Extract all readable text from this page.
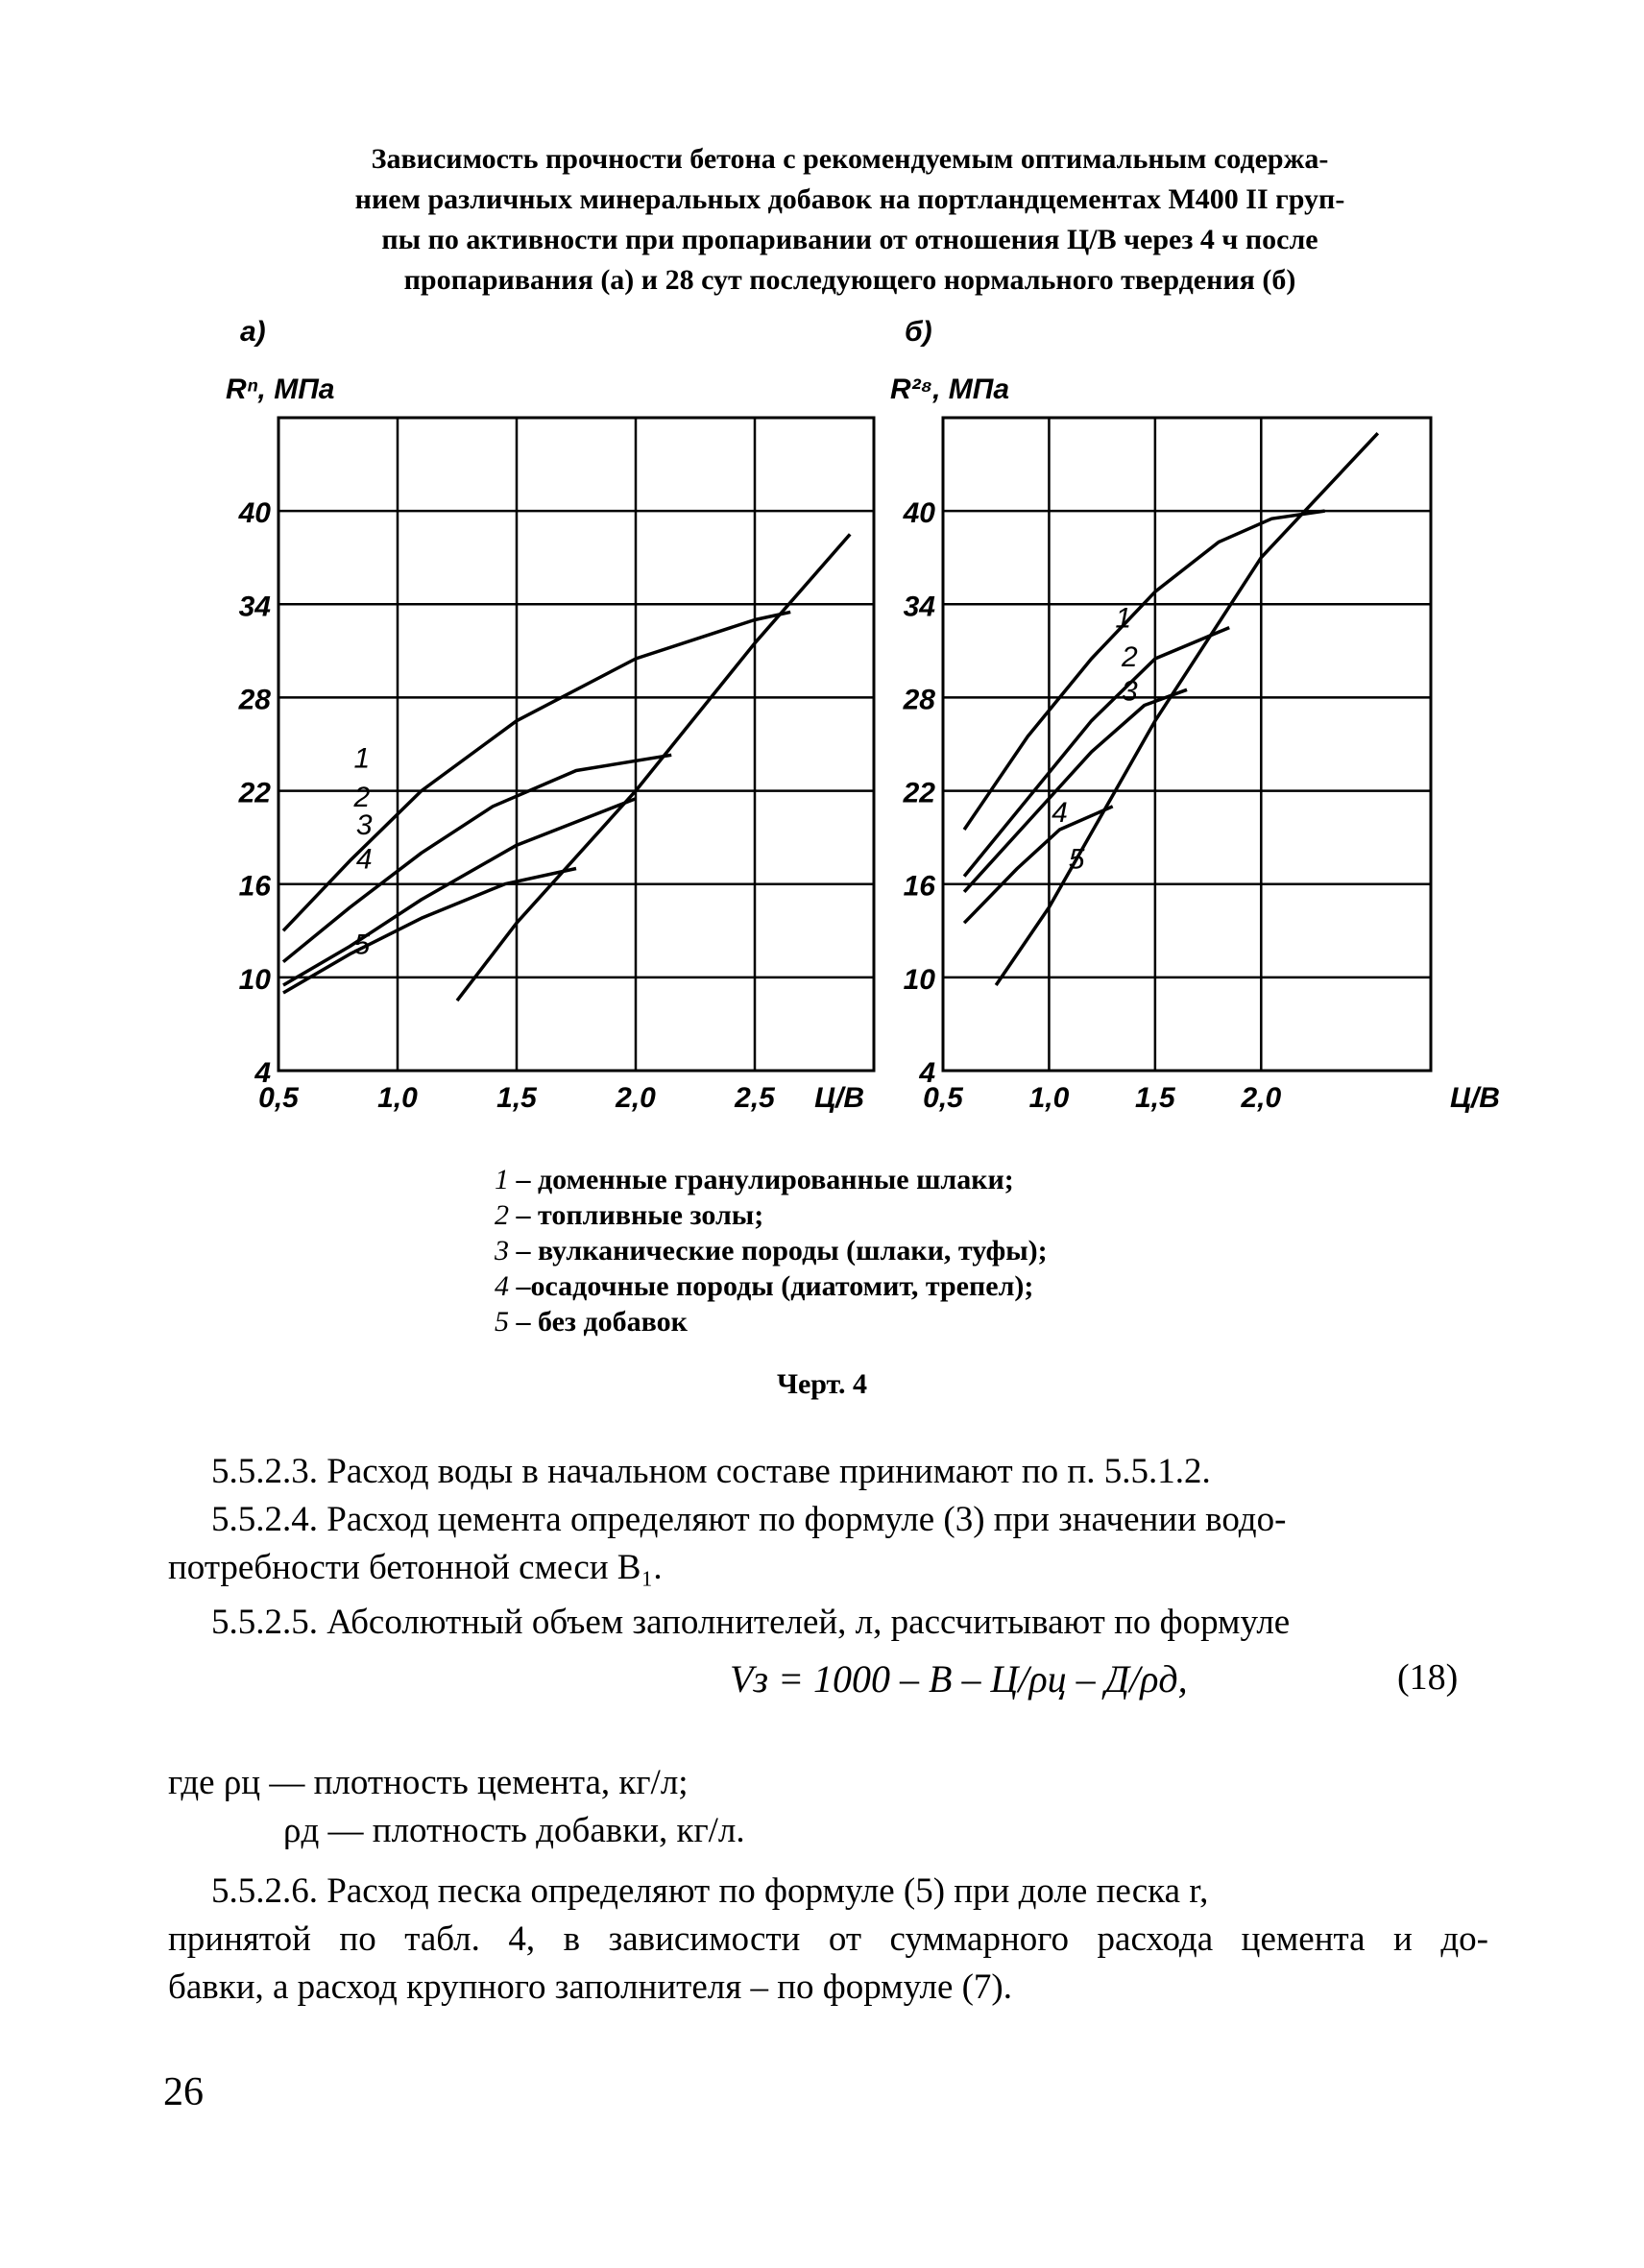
Зависимость прочности бетона с рекомендуемым оптимальным содержа-
нием различных минеральных добавок на портландцементах М400 II груп-
пы по активности при пропаривании от отношения Ц/В через 4 ч после
пропаривания (а) и 28 сут последующего нормального твердения (б)
4
10
16
22
28
34
40
0,5	1,0	1,5	2,0	2,5 Ц/В
Rⁿ, МПа
а)
1
2
3
4
5
4
10
16
22
28
34
40
0,5 1,0 1,5 2,0	Ц/В
R²⁸, МПа
б)
1
2
3
4
5
1 – доменные гранулированные шлаки;
2 – топливные золы;
3 – вулканические породы (шлаки, туфы);
4 –осадочные породы (диатомит, трепел);
5 – без добавок
Черт. 4
5.5.2.3. Расход воды в начальном составе принимают по п. 5.5.1.2.
5.5.2.4. Расход цемента определяют по формуле (3) при значении водо-
потребности бетонной смеси B₁.
5.5.2.5. Абсолютный объем заполнителей, л, рассчитывают по формуле
Vз = 1000 – B – Ц/ρц – Д/ρд,	(18)
где ρц — плотность цемента, кг/л;
ρд — плотность добавки, кг/л.
5.5.2.6. Расход песка определяют по формуле (5) при доле песка r,
принятой по табл. 4, в зависимости от суммарного расхода цемента и до-
бавки, а расход крупного заполнителя – по формуле (7).
26
